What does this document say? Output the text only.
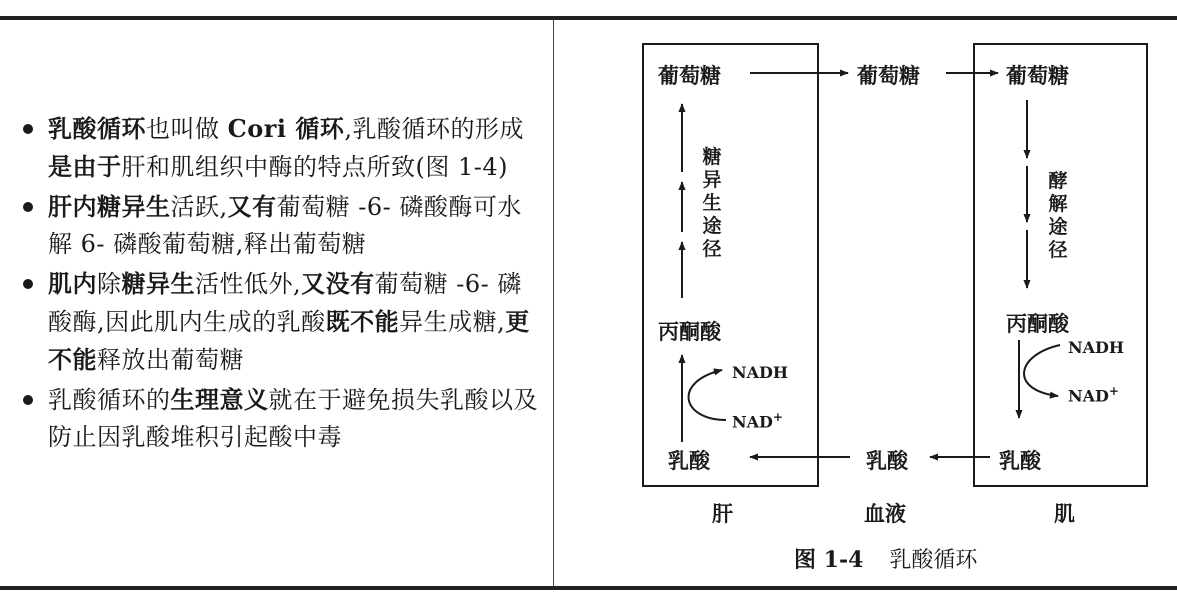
乳酸循环也叫做 Cori 循环,乳酸循环的形成是由于肝和肌组织中酶的特点所致(图 1-4)
肝内糖异生活跃,又有葡萄糖 -6- 磷酸酶可水解 6- 磷酸葡萄糖,释出葡萄糖
肌内除糖异生活性低外,又没有葡萄糖 -6- 磷酸酶,因此肌内生成的乳酸既不能异生成糖,更不能释放出葡萄糖
乳酸循环的生理意义就在于避免损失乳酸以及防止因乳酸堆积引起酸中毒
葡萄糖
糖异生途径
丙酮酸
NADH
NAD+
乳酸
肝
葡萄糖
乳酸
血液
葡萄糖
酵解途径
丙酮酸
NADH
NAD+
乳酸
肌
图 1-4 乳酸循环
